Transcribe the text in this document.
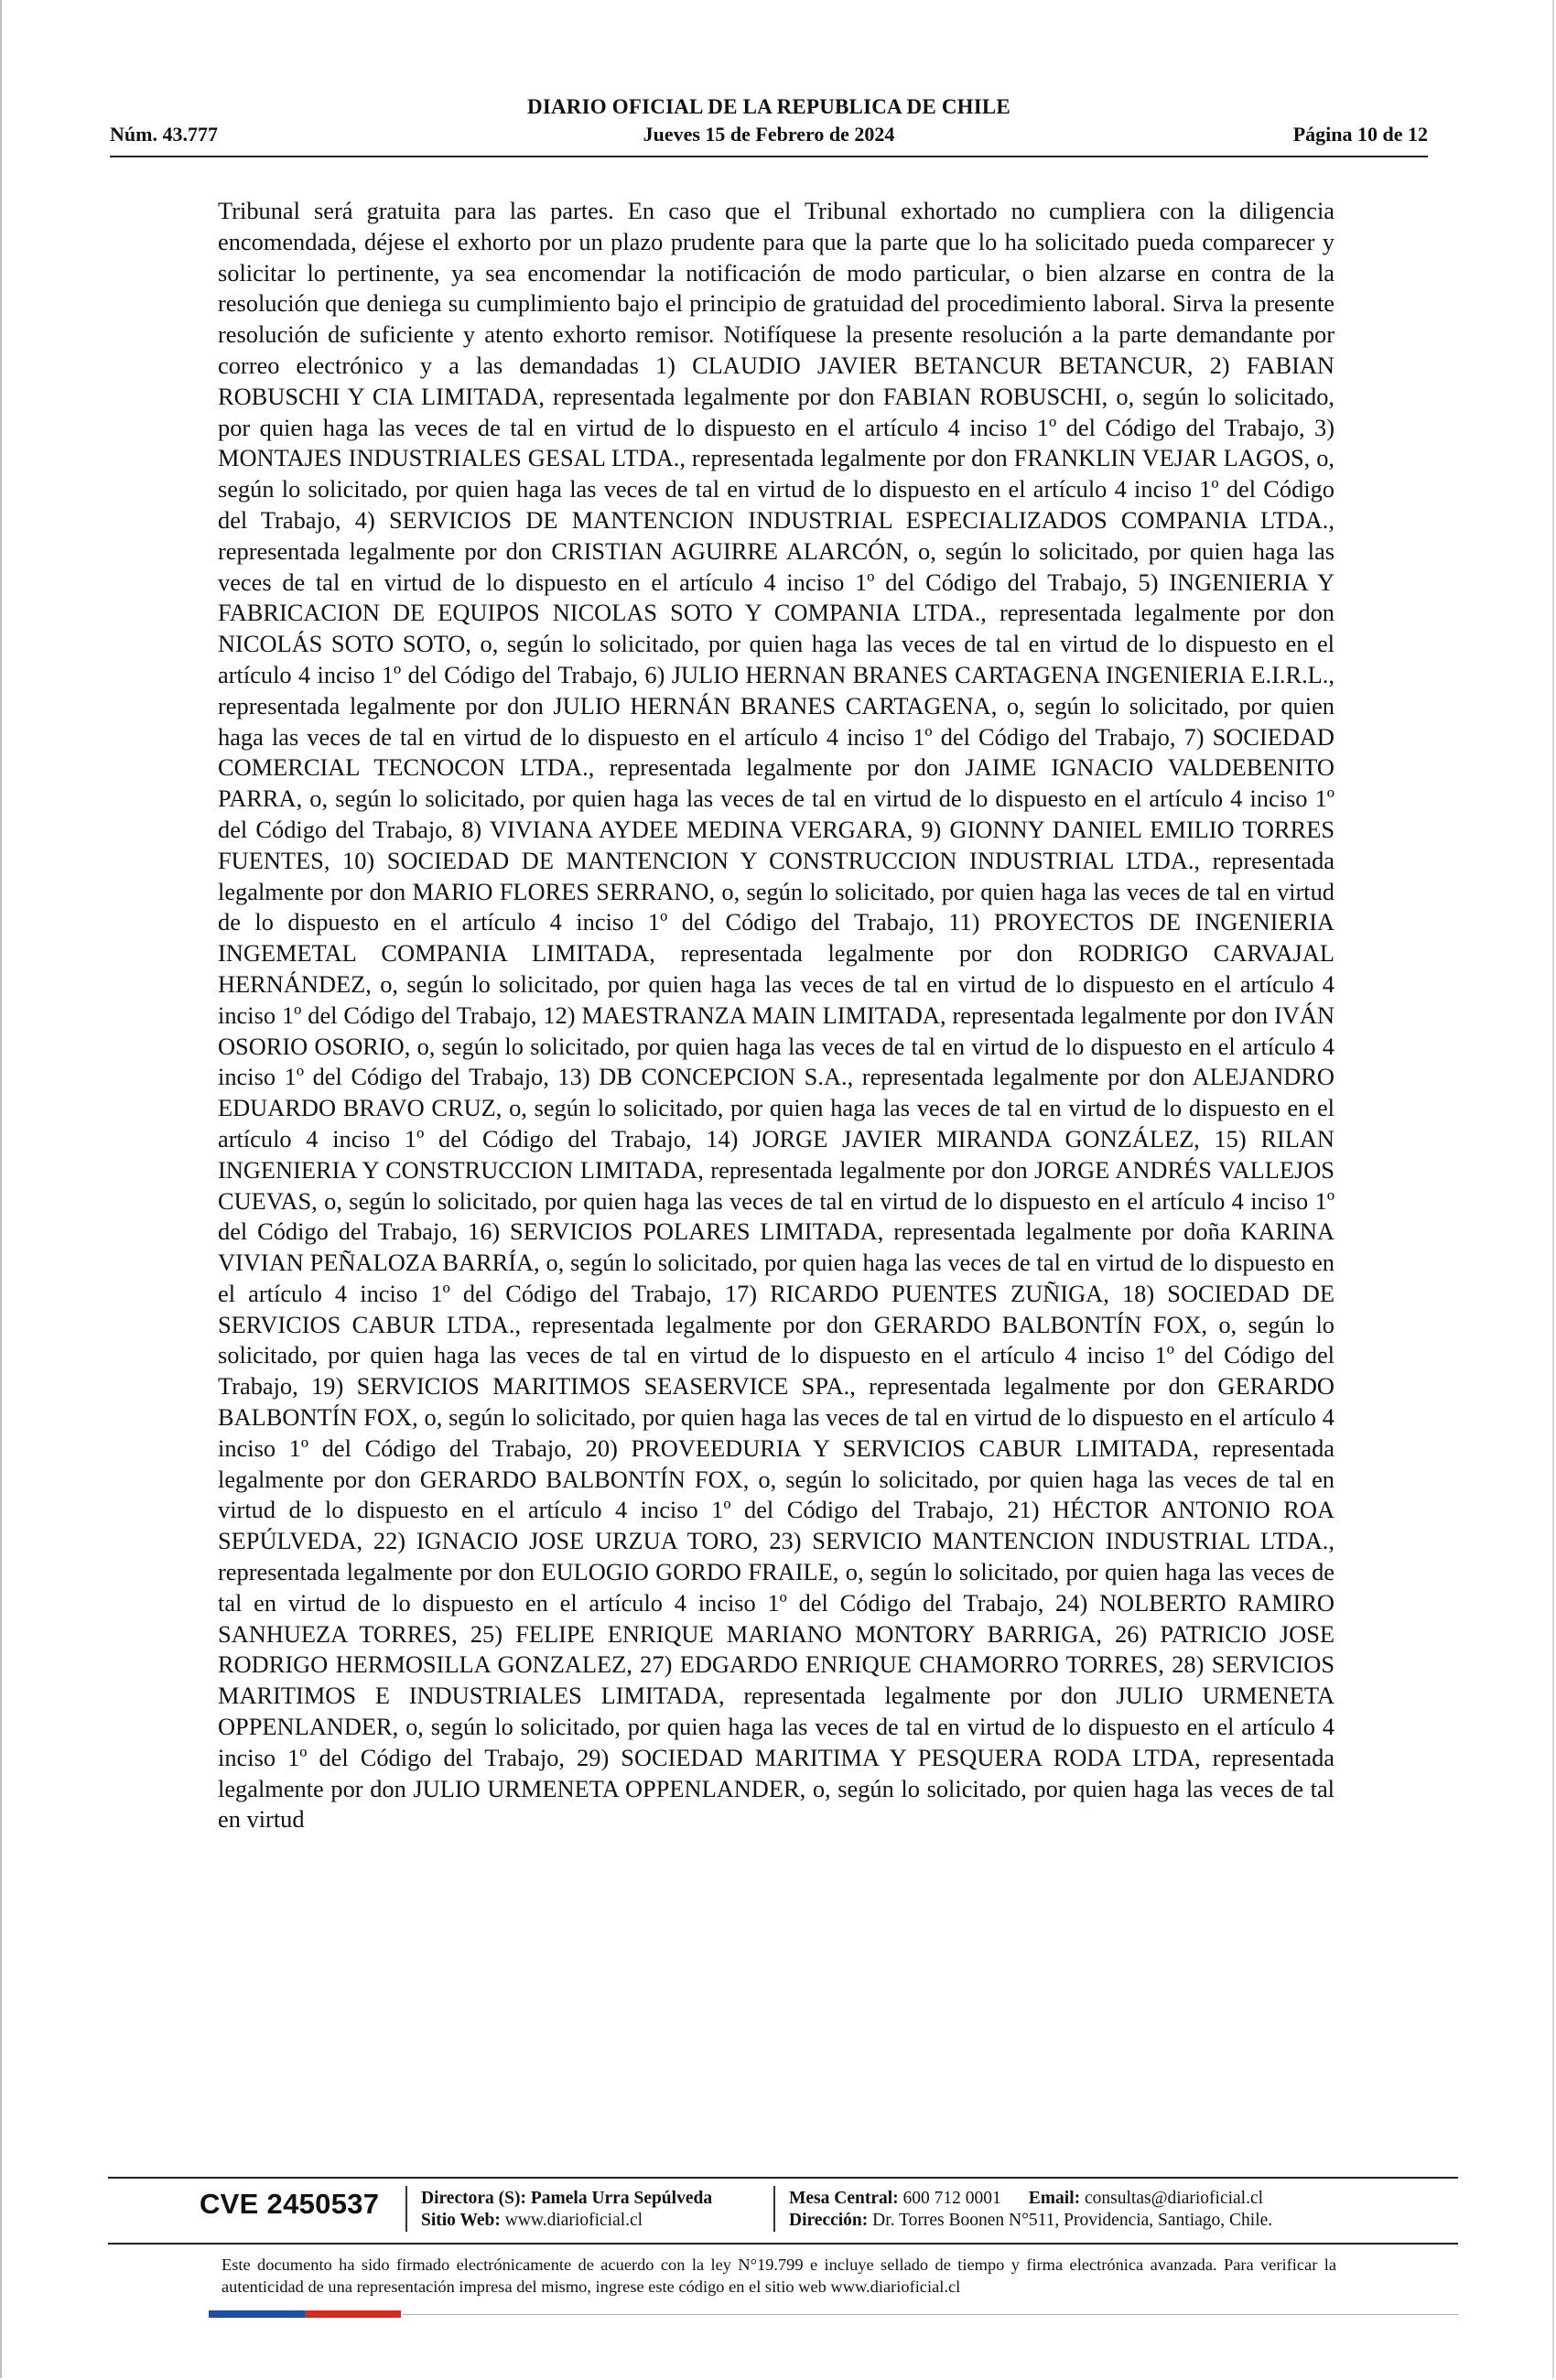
DIARIO OFICIAL DE LA REPUBLICA DE CHILE
Núm. 43.777	Jueves 15 de Febrero de 2024	Página 10 de 12

Tribunal será gratuita para las partes. En caso que el Tribunal exhortado no cumpliera con la diligencia encomendada, déjese el exhorto por un plazo prudente para que la parte que lo ha solicitado pueda comparecer y solicitar lo pertinente, ya sea encomendar la notificación de modo particular, o bien alzarse en contra de la resolución que deniega su cumplimiento bajo el principio de gratuidad del procedimiento laboral. Sirva la presente resolución de suficiente y atento exhorto remisor. Notifíquese la presente resolución a la parte demandante por correo electrónico y a las demandadas 1) CLAUDIO JAVIER BETANCUR BETANCUR, 2) FABIAN ROBUSCHI Y CIA LIMITADA, representada legalmente por don FABIAN ROBUSCHI, o, según lo solicitado, por quien haga las veces de tal en virtud de lo dispuesto en el artículo 4 inciso 1º del Código del Trabajo, 3) MONTAJES INDUSTRIALES GESAL LTDA., representada legalmente por don FRANKLIN VEJAR LAGOS, o, según lo solicitado, por quien haga las veces de tal en virtud de lo dispuesto en el artículo 4 inciso 1º del Código del Trabajo, 4) SERVICIOS DE MANTENCION INDUSTRIAL ESPECIALIZADOS COMPANIA LTDA., representada legalmente por don CRISTIAN AGUIRRE ALARCÓN, o, según lo solicitado, por quien haga las veces de tal en virtud de lo dispuesto en el artículo 4 inciso 1º del Código del Trabajo, 5) INGENIERIA Y FABRICACION DE EQUIPOS NICOLAS SOTO Y COMPANIA LTDA., representada legalmente por don NICOLÁS SOTO SOTO, o, según lo solicitado, por quien haga las veces de tal en virtud de lo dispuesto en el artículo 4 inciso 1º del Código del Trabajo, 6) JULIO HERNAN BRANES CARTAGENA INGENIERIA E.I.R.L., representada legalmente por don JULIO HERNÁN BRANES CARTAGENA, o, según lo solicitado, por quien haga las veces de tal en virtud de lo dispuesto en el artículo 4 inciso 1º del Código del Trabajo, 7) SOCIEDAD COMERCIAL TECNOCON LTDA., representada legalmente por don JAIME IGNACIO VALDEBENITO PARRA, o, según lo solicitado, por quien haga las veces de tal en virtud de lo dispuesto en el artículo 4 inciso 1º del Código del Trabajo, 8) VIVIANA AYDEE MEDINA VERGARA, 9) GIONNY DANIEL EMILIO TORRES FUENTES, 10) SOCIEDAD DE MANTENCION Y CONSTRUCCION INDUSTRIAL LTDA., representada legalmente por don MARIO FLORES SERRANO, o, según lo solicitado, por quien haga las veces de tal en virtud de lo dispuesto en el artículo 4 inciso 1º del Código del Trabajo, 11) PROYECTOS DE INGENIERIA INGEMETAL COMPANIA LIMITADA, representada legalmente por don RODRIGO CARVAJAL HERNÁNDEZ, o, según lo solicitado, por quien haga las veces de tal en virtud de lo dispuesto en el artículo 4 inciso 1º del Código del Trabajo, 12) MAESTRANZA MAIN LIMITADA, representada legalmente por don IVÁN OSORIO OSORIO, o, según lo solicitado, por quien haga las veces de tal en virtud de lo dispuesto en el artículo 4 inciso 1º del Código del Trabajo, 13) DB CONCEPCION S.A., representada legalmente por don ALEJANDRO EDUARDO BRAVO CRUZ, o, según lo solicitado, por quien haga las veces de tal en virtud de lo dispuesto en el artículo 4 inciso 1º del Código del Trabajo, 14) JORGE JAVIER MIRANDA GONZÁLEZ, 15) RILAN INGENIERIA Y CONSTRUCCION LIMITADA, representada legalmente por don JORGE ANDRÉS VALLEJOS CUEVAS, o, según lo solicitado, por quien haga las veces de tal en virtud de lo dispuesto en el artículo 4 inciso 1º del Código del Trabajo, 16) SERVICIOS POLARES LIMITADA, representada legalmente por doña KARINA VIVIAN PEÑALOZA BARRÍA, o, según lo solicitado, por quien haga las veces de tal en virtud de lo dispuesto en el artículo 4 inciso 1º del Código del Trabajo, 17) RICARDO PUENTES ZUÑIGA, 18) SOCIEDAD DE SERVICIOS CABUR LTDA., representada legalmente por don GERARDO BALBONTÍN FOX, o, según lo solicitado, por quien haga las veces de tal en virtud de lo dispuesto en el artículo 4 inciso 1º del Código del Trabajo, 19) SERVICIOS MARITIMOS SEASERVICE SPA., representada legalmente por don GERARDO BALBONTÍN FOX, o, según lo solicitado, por quien haga las veces de tal en virtud de lo dispuesto en el artículo 4 inciso 1º del Código del Trabajo, 20) PROVEEDURIA Y SERVICIOS CABUR LIMITADA, representada legalmente por don GERARDO BALBONTÍN FOX, o, según lo solicitado, por quien haga las veces de tal en virtud de lo dispuesto en el artículo 4 inciso 1º del Código del Trabajo, 21) HÉCTOR ANTONIO ROA SEPÚLVEDA, 22) IGNACIO JOSE URZUA TORO, 23) SERVICIO MANTENCION INDUSTRIAL LTDA., representada legalmente por don EULOGIO GORDO FRAILE, o, según lo solicitado, por quien haga las veces de tal en virtud de lo dispuesto en el artículo 4 inciso 1º del Código del Trabajo, 24) NOLBERTO RAMIRO SANHUEZA TORRES, 25) FELIPE ENRIQUE MARIANO MONTORY BARRIGA, 26) PATRICIO JOSE RODRIGO HERMOSILLA GONZALEZ, 27) EDGARDO ENRIQUE CHAMORRO TORRES, 28) SERVICIOS MARITIMOS E INDUSTRIALES LIMITADA, representada legalmente por don JULIO URMENETA OPPENLANDER, o, según lo solicitado, por quien haga las veces de tal en virtud de lo dispuesto en el artículo 4 inciso 1º del Código del Trabajo, 29) SOCIEDAD MARITIMA Y PESQUERA RODA LTDA, representada legalmente por don JULIO URMENETA OPPENLANDER, o, según lo solicitado, por quien haga las veces de tal en virtud

CVE 2450537 Directora (S): Pamela Urra Sepúlveda
Sitio Web: www.diarioficial.cl
Mesa Central: 600 712 0001 Email: consultas@diarioficial.cl
Dirección: Dr. Torres Boonen N°511, Providencia, Santiago, Chile.
Este documento ha sido firmado electrónicamente de acuerdo con la ley N°19.799 e incluye sellado de tiempo y firma electrónica avanzada. Para verificar la autenticidad de una representación impresa del mismo, ingrese este código en el sitio web www.diarioficial.cl
